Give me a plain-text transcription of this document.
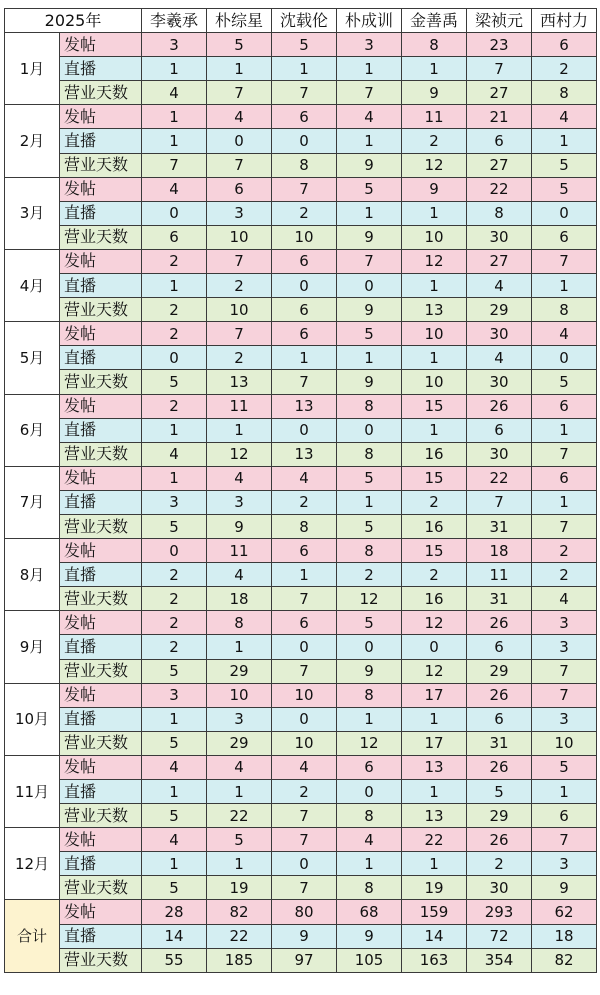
2025年		李羲承	朴综星	沈载伦	朴成训	金善禹	梁祯元	西村力
1月	发帖	3	5	5	3	8	23	6
	直播	1	1	1	1	1	7	2
	营业天数	4	7	7	7	9	27	8
2月	发帖	1	4	6	4	11	21	4
	直播	1	0	0	1	2	6	1
	营业天数	7	7	8	9	12	27	5
3月	发帖	4	6	7	5	9	22	5
	直播	0	3	2	1	1	8	0
	营业天数	6	10	10	9	10	30	6
4月	发帖	2	7	6	7	12	27	7
	直播	1	2	0	0	1	4	1
	营业天数	2	10	6	9	13	29	8
5月	发帖	2	7	6	5	10	30	4
	直播	0	2	1	1	1	4	0
	营业天数	5	13	7	9	10	30	5
6月	发帖	2	11	13	8	15	26	6
	直播	1	1	0	0	1	6	1
	营业天数	4	12	13	8	16	30	7
7月	发帖	1	4	4	5	15	22	6
	直播	3	3	2	1	2	7	1
	营业天数	5	9	8	5	16	31	7
8月	发帖	0	11	6	8	15	18	2
	直播	2	4	1	2	2	11	2
	营业天数	2	18	7	12	16	31	4
9月	发帖	2	8	6	5	12	26	3
	直播	2	1	0	0	0	6	3
	营业天数	5	29	7	9	12	29	7
10月	发帖	3	10	10	8	17	26	7
	直播	1	3	0	1	1	6	3
	营业天数	5	29	10	12	17	31	10
11月	发帖	4	4	4	6	13	26	5
	直播	1	1	2	0	1	5	1
	营业天数	5	22	7	8	13	29	6
12月	发帖	4	5	7	4	22	26	7
	直播	1	1	0	1	1	2	3
	营业天数	5	19	7	8	19	30	9
合计	发帖	28	82	80	68	159	293	62
	直播	14	22	9	9	14	72	18
	营业天数	55	185	97	105	163	354	82
